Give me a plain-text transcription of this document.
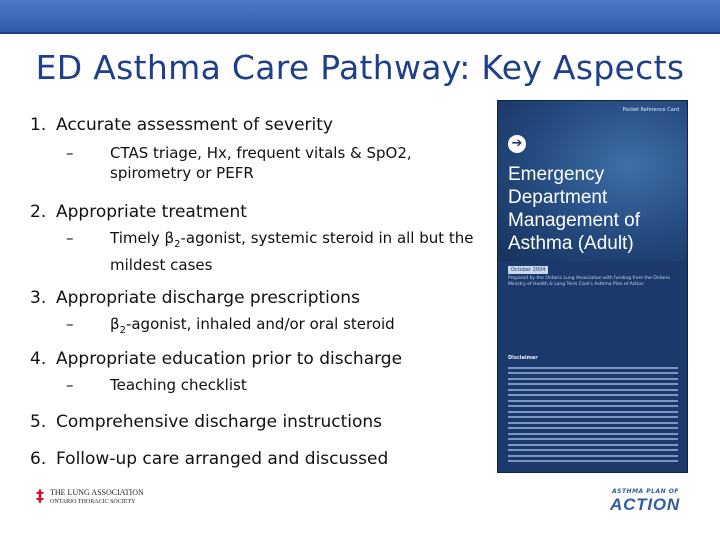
ED Asthma Care Pathway: Key Aspects
1. Accurate assessment of severity
– CTAS triage, Hx, frequent vitals & SpO2, spirometry or PEFR
2. Appropriate treatment
– Timely $\beta_2$-agonist, systemic steroid in all but the mildest cases
3. Appropriate discharge prescriptions
– $\beta_2$-agonist, inhaled and/or oral steroid
4. Appropriate education prior to discharge
– Teaching checklist
5. Comprehensive discharge instructions
6. Follow-up care arranged and discussed
Pocket Reference Card
➔
Emergency Department Management of Asthma (Adult)
October 2004
Prepared by the Ontario Lung Association with funding from the Ontario Ministry of Health & Long Term Care's Asthma Plan of Action
Disclaimer
‡ THE LUNG ASSOCIATION
ONTARIO THORACIC SOCIETY
ASTHMA PLAN OF
ACTION
